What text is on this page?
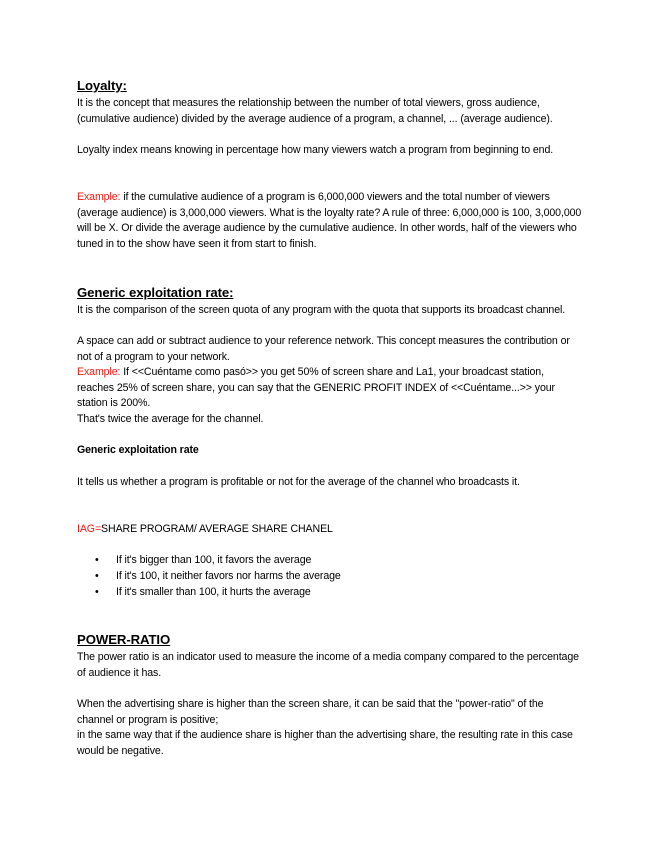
Loyalty:

It is the concept that measures the relationship between the number of total viewers, gross audience, (cumulative audience) divided by the average audience of a program, a channel, ... (average audience).

Loyalty index means knowing in percentage how many viewers watch a program from beginning to end.

Example: if the cumulative audience of a program is 6,000,000 viewers and the total number of viewers (average audience) is 3,000,000 viewers. What is the loyalty rate? A rule of three: 6,000,000 is 100, 3,000,000 will be X. Or divide the average audience by the cumulative audience. In other words, half of the viewers who tuned in to the show have seen it from start to finish.

Generic exploitation rate:

It is the comparison of the screen quota of any program with the quota that supports its broadcast channel.

A space can add or subtract audience to your reference network. This concept measures the contribution or not of a program to your network.

Example: If <<Cuéntame como pasó>> you get 50% of screen share and La1, your broadcast station, reaches 25% of screen share, you can say that the GENERIC PROFIT INDEX of <<Cuéntame...>> your station is 200%.

That's twice the average for the channel.

Generic exploitation rate

It tells us whether a program is profitable or not for the average of the channel who broadcasts it.

IAG=SHARE PROGRAM/ AVERAGE SHARE CHANEL

• If it's bigger than 100, it favors the average
• If it's 100, it neither favors nor harms the average
• If it's smaller than 100, it hurts the average
POWER-RATIO

The power ratio is an indicator used to measure the income of a media company compared to the percentage of audience it has.

When the advertising share is higher than the screen share, it can be said that the "power-ratio" of the channel or program is positive;

in the same way that if the audience share is higher than the advertising share, the resulting rate in this case would be negative.
